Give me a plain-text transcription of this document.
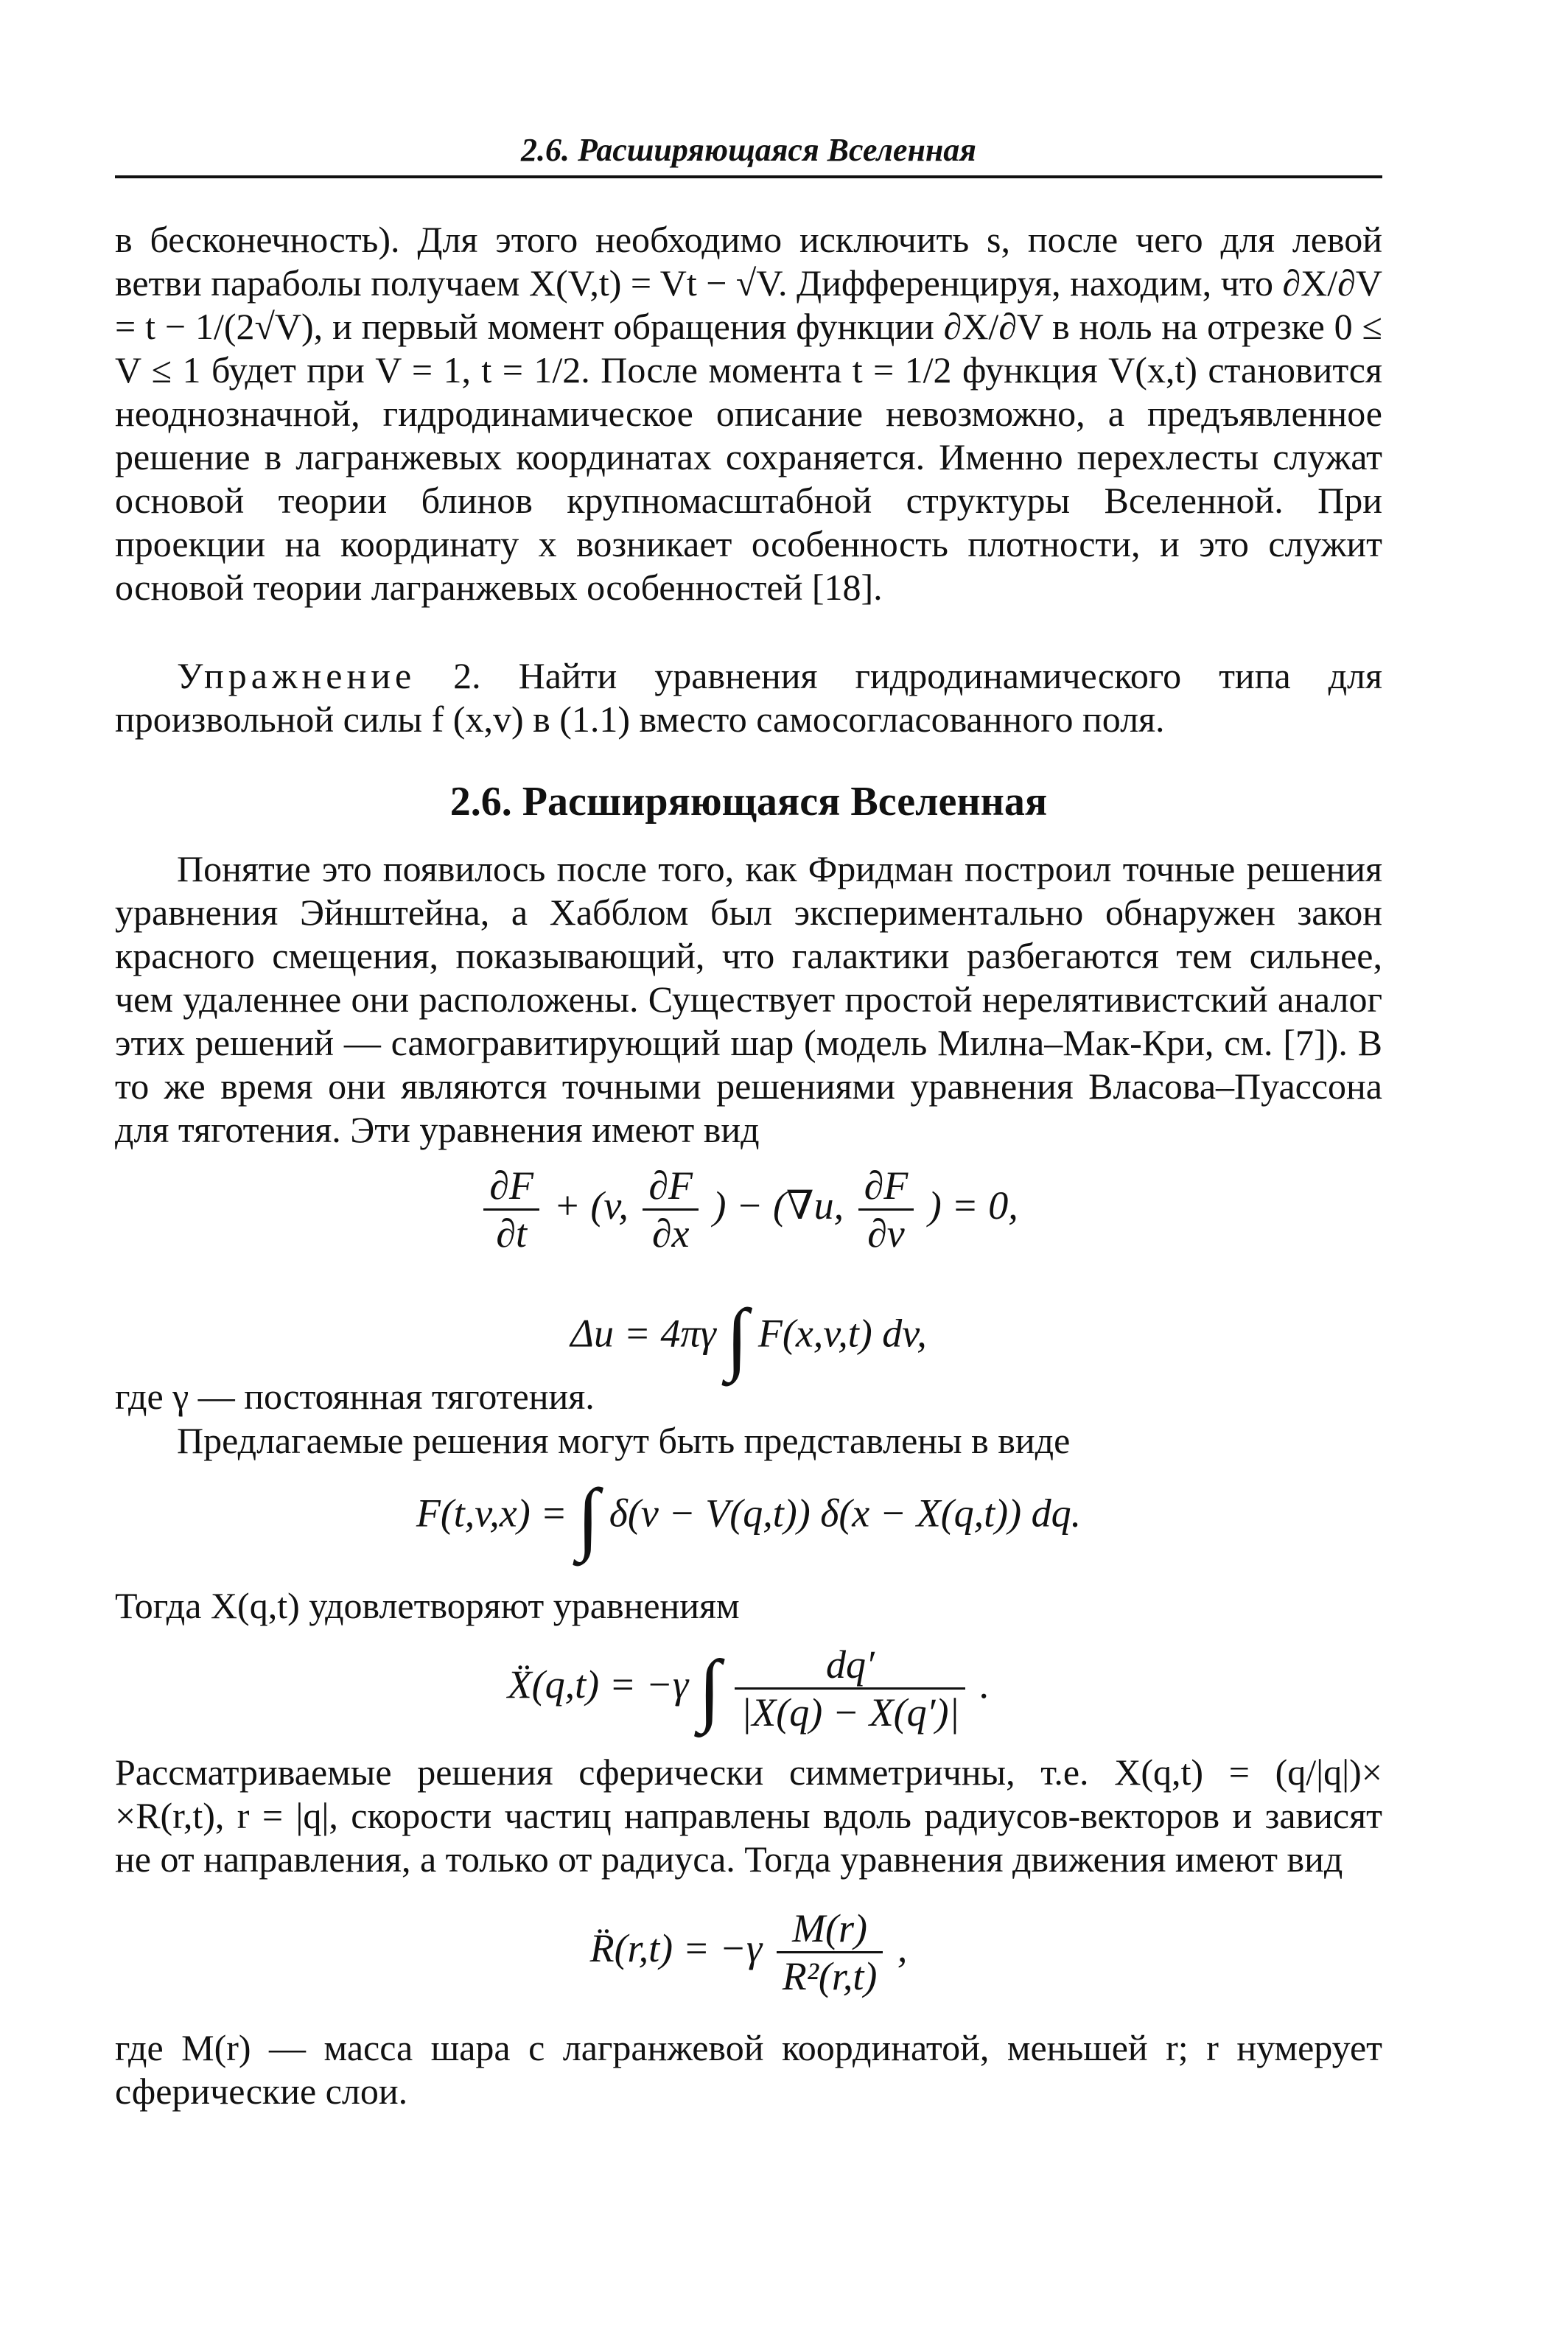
2.6. Расширяющаяся Вселенная

в бесконечность). Для этого необходимо исключить s, после чего для левой ветви параболы получаем X(V,t) = Vt − √V. Дифференцируя, находим, что ∂X/∂V = t − 1/(2√V), и первый момент обращения функции ∂X/∂V в ноль на отрезке 0 ≤ V ≤ 1 будет при V = 1, t = 1/2. После момента t = 1/2 функция V(x,t) становится неоднозначной, гидродинамическое описание невозможно, а предъявленное решение в лагранжевых координатах сохраняется. Именно перехлесты служат основой теории блинов крупномасштабной структуры Вселенной. При проекции на координату x возникает особенность плотности, и это служит основой теории лагранжевых особенностей [18].

Упражнение 2. Найти уравнения гидродинамического типа для произвольной силы f (x,v) в (1.1) вместо самосогласованного поля.

2.6. Расширяющаяся Вселенная

Понятие это появилось после того, как Фридман построил точные решения уравнения Эйнштейна, а Хабблом был экспериментально обнаружен закон красного смещения, показывающий, что галактики разбегаются тем сильнее, чем удаленнее они расположены. Существует простой нерелятивистский аналог этих решений — самогравитирующий шар (модель Милна–Мак-Кри, см. [7]). В то же время они являются точными решениями уравнения Власова–Пуассона для тяготения. Эти уравнения имеют вид

$\frac{\partial F}{\partial t} + (v$, $\frac{\partial F}{\partial x}$ ) − (∇u, $\frac{\partial F}{\partial v}$ ) = 0,
Δu = 4πγ ∫ F(x,v,t) dv,

где γ — постоянная тяготения.

Предлагаемые решения могут быть представлены в виде

F(t,v,x) = ∫ δ(v − V(q,t)) δ(x − X(q,t)) dq.

Тогда X(q,t) удовлетворяют уравнениям

Ẍ(q,t) = −γ ∫ $\frac{dq'}{|X(q) - X(q')|}$ .

Рассматриваемые решения сферически симметричны, т.е. X(q,t) = (q/|q|)× ×R(r,t), r = |q|, скорости частиц направлены вдоль радиусов-векторов и зависят не от направления, а только от радиуса. Тогда уравнения движения имеют вид

R̈(r,t) = $-\gamma \frac{M(r)}{\text{R²(r,t)}}$ ,

где M(r) — масса шара с лагранжевой координатой, меньшей r; r нумерует сферические слои.
